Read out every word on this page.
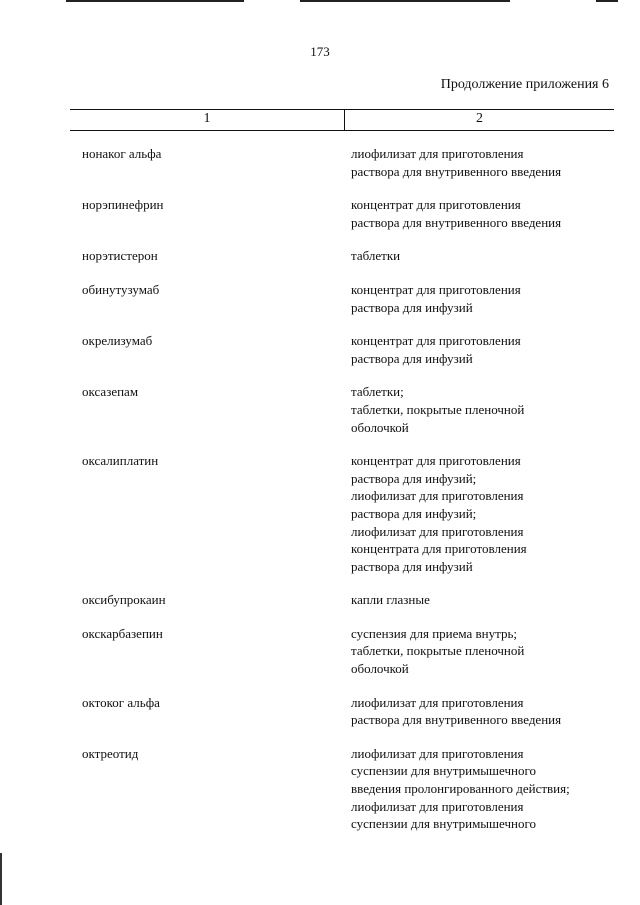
173
Продолжение приложения 6
1	2
нонаког альфа	лиофилизат для приготовления
раствора для внутривенного введения
норэпинефрин	концентрат для приготовления
раствора для внутривенного введения
норэтистерон	таблетки
обинутузумаб	концентрат для приготовления
раствора для инфузий
окрелизумаб	концентрат для приготовления
раствора для инфузий
оксазепам	таблетки;
таблетки, покрытые пленочной
оболочкой
оксалиплатин	концентрат для приготовления
раствора для инфузий;
лиофилизат для приготовления
раствора для инфузий;
лиофилизат для приготовления
концентрата для приготовления
раствора для инфузий
оксибупрокаин	капли глазные
окскарбазепин	суспензия для приема внутрь;
таблетки, покрытые пленочной
оболочкой
октоког альфа	лиофилизат для приготовления
раствора для внутривенного введения
октреотид	лиофилизат для приготовления
суспензии для внутримышечного
введения пролонгированного действия;
лиофилизат для приготовления
суспензии для внутримышечного
